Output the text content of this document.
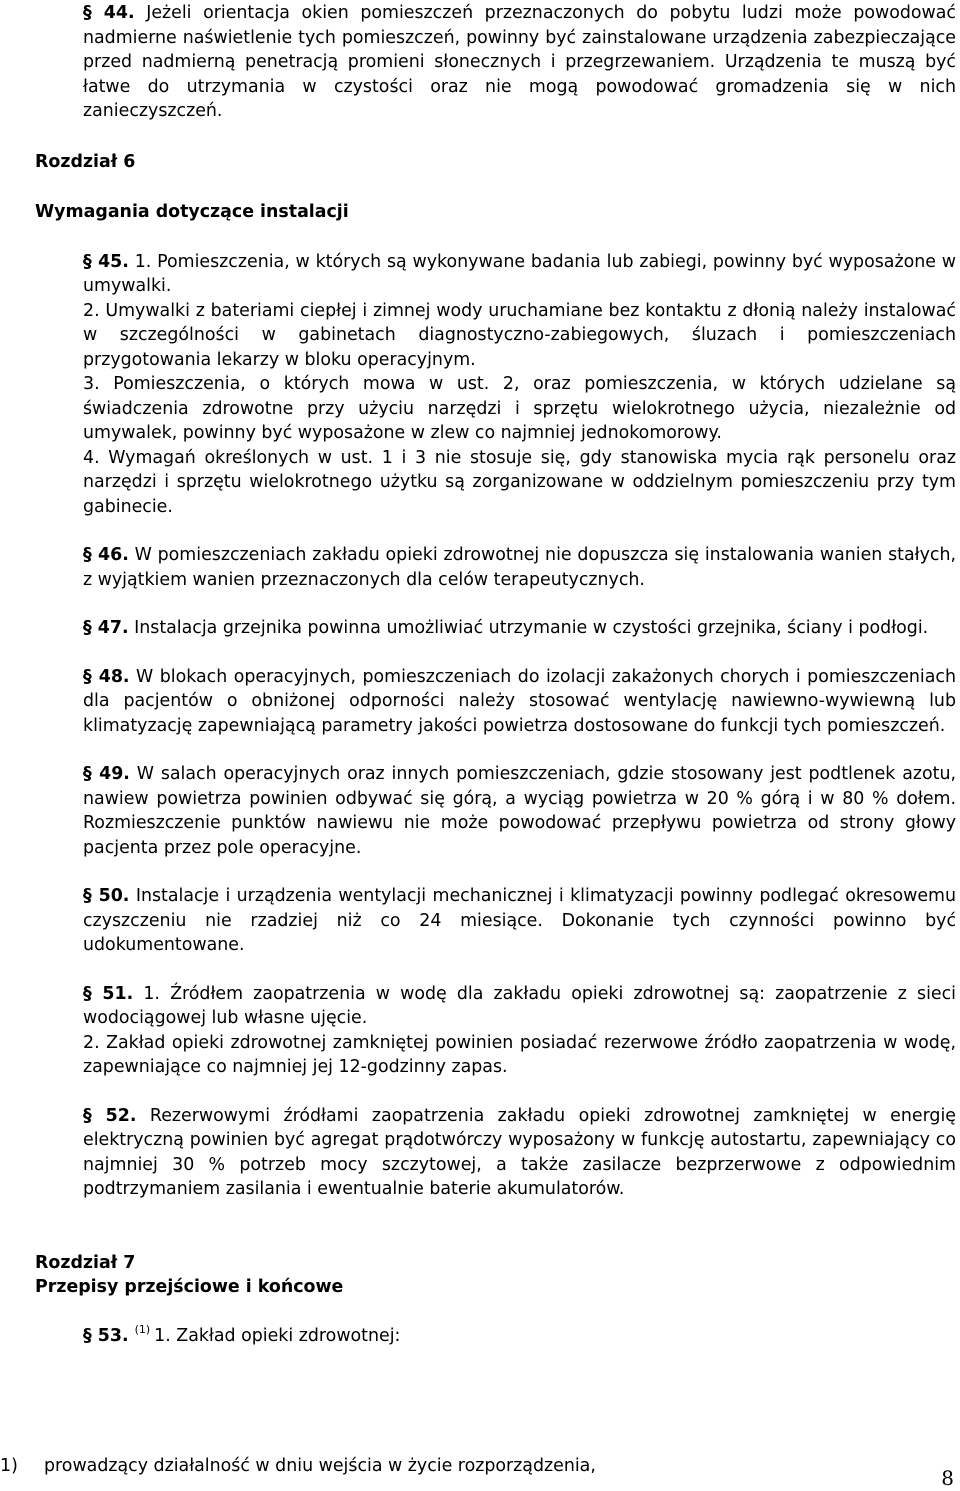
§ 44. Jeżeli orientacja okien pomieszczeń przeznaczonych do pobytu ludzi może powodować nadmierne naświetlenie tych pomieszczeń, powinny być zainstalowane urządzenia zabezpieczające przed nadmierną penetracją promieni słonecznych i przegrzewaniem. Urządzenia te muszą być łatwe do utrzymania w czystości oraz nie mogą powodować gromadzenia się w nich zanieczyszczeń.

Rozdział 6

Wymagania dotyczące instalacji

§ 45. 1. Pomieszczenia, w których są wykonywane badania lub zabiegi, powinny być wyposażone w umywalki.

2. Umywalki z bateriami ciepłej i zimnej wody uruchamiane bez kontaktu z dłonią należy instalować w szczególności w gabinetach diagnostyczno-zabiegowych, śluzach i pomieszczeniach przygotowania lekarzy w bloku operacyjnym.

3. Pomieszczenia, o których mowa w ust. 2, oraz pomieszczenia, w których udzielane są świadczenia zdrowotne przy użyciu narzędzi i sprzętu wielokrotnego użycia, niezależnie od umywalek, powinny być wyposażone w zlew co najmniej jednokomorowy.

4. Wymagań określonych w ust. 1 i 3 nie stosuje się, gdy stanowiska mycia rąk personelu oraz narzędzi i sprzętu wielokrotnego użytku są zorganizowane w oddzielnym pomieszczeniu przy tym gabinecie.

§ 46. W pomieszczeniach zakładu opieki zdrowotnej nie dopuszcza się instalowania wanien stałych, z wyjątkiem wanien przeznaczonych dla celów terapeutycznych.

§ 47. Instalacja grzejnika powinna umożliwiać utrzymanie w czystości grzejnika, ściany i podłogi.

§ 48. W blokach operacyjnych, pomieszczeniach do izolacji zakażonych chorych i pomieszczeniach dla pacjentów o obniżonej odporności należy stosować wentylację nawiewno-wywiewną lub klimatyzację zapewniającą parametry jakości powietrza dostosowane do funkcji tych pomieszczeń.

§ 49. W salach operacyjnych oraz innych pomieszczeniach, gdzie stosowany jest podtlenek azotu, nawiew powietrza powinien odbywać się górą, a wyciąg powietrza w 20 % górą i w 80 % dołem. Rozmieszczenie punktów nawiewu nie może powodować przepływu powietrza od strony głowy pacjenta przez pole operacyjne.

§ 50. Instalacje i urządzenia wentylacji mechanicznej i klimatyzacji powinny podlegać okresowemu czyszczeniu nie rzadziej niż co 24 miesiące. Dokonanie tych czynności powinno być udokumentowane.

§ 51. 1. Źródłem zaopatrzenia w wodę dla zakładu opieki zdrowotnej są: zaopatrzenie z sieci wodociągowej lub własne ujęcie.

2. Zakład opieki zdrowotnej zamkniętej powinien posiadać rezerwowe źródło zaopatrzenia w wodę, zapewniające co najmniej jej 12-godzinny zapas.

§ 52. Rezerwowymi źródłami zaopatrzenia zakładu opieki zdrowotnej zamkniętej w energię elektryczną powinien być agregat prądotwórczy wyposażony w funkcję autostartu, zapewniający co najmniej 30 % potrzeb mocy szczytowej, a także zasilacze bezprzerwowe z odpowiednim podtrzymaniem zasilania i ewentualnie baterie akumulatorów.

Rozdział 7

Przepisy przejściowe i końcowe

§ 53. $^{(1)}$ 1. Zakład opieki zdrowotnej:

1) prowadzący działalność w dniu wejścia w życie rozporządzenia,	8
